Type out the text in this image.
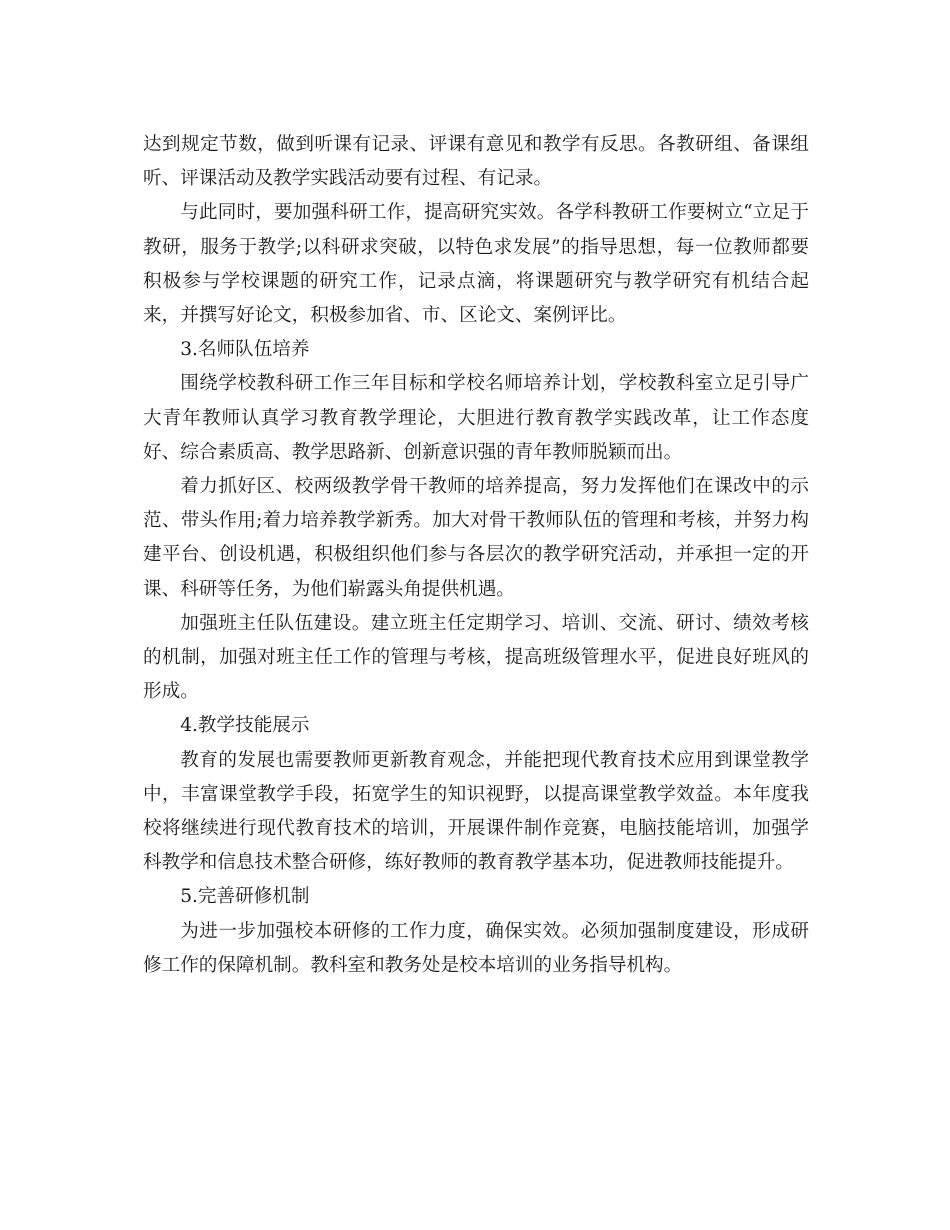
达到规定节数，做到听课有记录、评课有意见和教学有反思。各教研组、备课组听、评课活动及教学实践活动要有过程、有记录。

与此同时，要加强科研工作，提高研究实效。各学科教研工作要树立“立足于教研，服务于教学;以科研求突破，以特色求发展”的指导思想，每一位教师都要积极参与学校课题的研究工作，记录点滴，将课题研究与教学研究有机结合起来，并撰写好论文，积极参加省、市、区论文、案例评比。

3.名师队伍培养

围绕学校教科研工作三年目标和学校名师培养计划，学校教科室立足引导广大青年教师认真学习教育教学理论，大胆进行教育教学实践改革，让工作态度好、综合素质高、教学思路新、创新意识强的青年教师脱颖而出。

着力抓好区、校两级教学骨干教师的培养提高，努力发挥他们在课改中的示范、带头作用;着力培养教学新秀。加大对骨干教师队伍的管理和考核，并努力构建平台、创设机遇，积极组织他们参与各层次的教学研究活动，并承担一定的开课、科研等任务，为他们崭露头角提供机遇。

加强班主任队伍建设。建立班主任定期学习、培训、交流、研讨、绩效考核的机制，加强对班主任工作的管理与考核，提高班级管理水平，促进良好班风的形成。

4.教学技能展示

教育的发展也需要教师更新教育观念，并能把现代教育技术应用到课堂教学中，丰富课堂教学手段，拓宽学生的知识视野，以提高课堂教学效益。本年度我校将继续进行现代教育技术的培训，开展课件制作竞赛，电脑技能培训，加强学科教学和信息技术整合研修，练好教师的教育教学基本功，促进教师技能提升。

5.完善研修机制

为进一步加强校本研修的工作力度，确保实效。必须加强制度建设，形成研修工作的保障机制。教科室和教务处是校本培训的业务指导机构。
